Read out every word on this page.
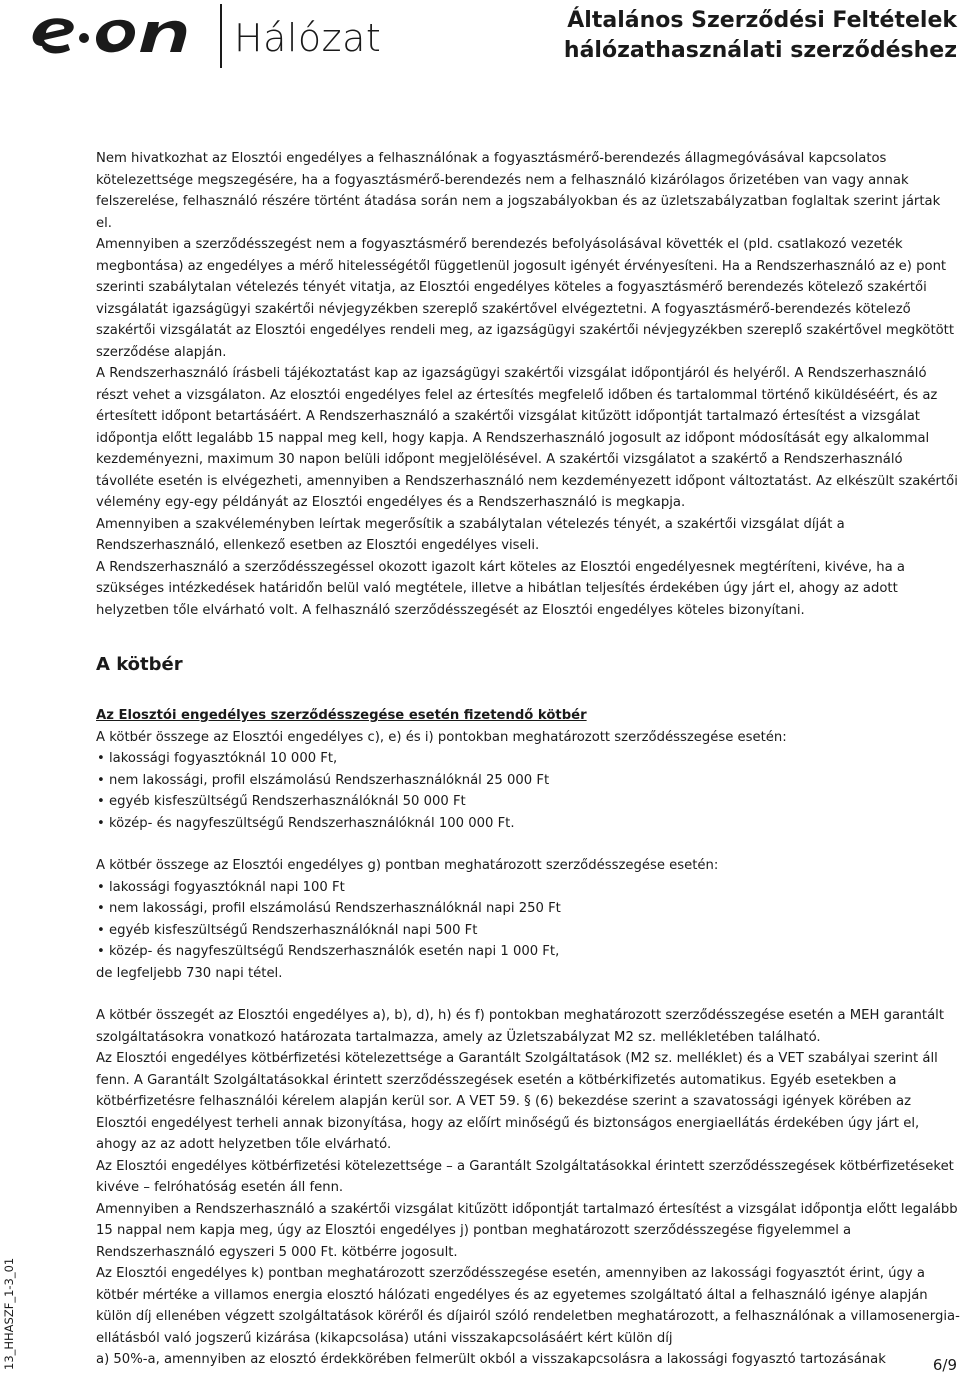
Hálózat	Általános Szerződési Feltételek
hálózathasználati szerződéshez

Nem hivatkozhat az Elosztói engedélyes a felhasználónak a fogyasztásmérő-berendezés állagmegóvásával kapcsolatos kötelezettsége megszegésére, ha a fogyasztásmérő-berendezés nem a felhasználó kizárólagos őrizetében van vagy annak felszerelése, felhasználó részére történt átadása során nem a jogszabályokban és az üzletszabályzatban foglaltak szerint jártak el.

Amennyiben a szerződésszegést nem a fogyasztásmérő berendezés befolyásolásával követték el (pld. csatlakozó vezeték megbontása) az engedélyes a mérő hitelességétől függetlenül jogosult igényét érvényesíteni. Ha a Rendszerhasználó az e) pont szerinti szabálytalan vételezés tényét vitatja, az Elosztói engedélyes köteles a fogyasztásmérő berendezés kötelező szakértői vizsgálatát igazságügyi szakértői névjegyzékben szereplő szakértővel elvégeztetni. A fogyasztásmérő-berendezés kötelező szakértői vizsgálatát az Elosztói engedélyes rendeli meg, az igazságügyi szakértői névjegyzékben szereplő szakértővel megkötött szerződése alapján.

A Rendszerhasználó írásbeli tájékoztatást kap az igazságügyi szakértői vizsgálat időpontjáról és helyéről. A Rendszerhasználó részt vehet a vizsgálaton. Az elosztói engedélyes felel az értesítés megfelelő időben és tartalommal történő kiküldéséért, és az értesített időpont betartásáért. A Rendszerhasználó a szakértői vizsgálat kitűzött időpontját tartalmazó értesítést a vizsgálat időpontja előtt legalább 15 nappal meg kell, hogy kapja. A Rendszerhasználó jogosult az időpont módosítását egy alkalommal kezdeményezni, maximum 30 napon belüli időpont megjelölésével. A szakértői vizsgálatot a szakértő a Rendszerhasználó távolléte esetén is elvégezheti, amennyiben a Rendszerhasználó nem kezdeményezett időpont változtatást. Az elkészült szakértői vélemény egy-egy példányát az Elosztói engedélyes és a Rendszerhasználó is megkapja.

Amennyiben a szakvéleményben leírtak megerősítik a szabálytalan vételezés tényét, a szakértői vizsgálat díját a Rendszerhasználó, ellenkező esetben az Elosztói engedélyes viseli.

A Rendszerhasználó a szerződésszegéssel okozott igazolt kárt köteles az Elosztói engedélyesnek megtéríteni, kivéve, ha a szükséges intézkedések határidőn belül való megtétele, illetve a hibátlan teljesítés érdekében úgy járt el, ahogy az adott helyzetben tőle elvárható volt. A felhasználó szerződésszegését az Elosztói engedélyes köteles bizonyítani.

A kötbér

Az Elosztói engedélyes szerződésszegése esetén fizetendő kötbér

A kötbér összege az Elosztói engedélyes c), e) és i) pontokban meghatározott szerződésszegése esetén:

• lakossági fogyasztóknál 10 000 Ft,
• nem lakossági, profil elszámolású Rendszerhasználóknál 25 000 Ft
• egyéb kisfeszültségű Rendszerhasználóknál 50 000 Ft
• közép- és nagyfeszültségű Rendszerhasználóknál 100 000 Ft.

A kötbér összege az Elosztói engedélyes g) pontban meghatározott szerződésszegése esetén:

• lakossági fogyasztóknál napi 100 Ft
• nem lakossági, profil elszámolású Rendszerhasználóknál napi 250 Ft
• egyéb kisfeszültségű Rendszerhasználóknál napi 500 Ft
• közép- és nagyfeszültségű Rendszerhasználók esetén napi 1 000 Ft,

de legfeljebb 730 napi tétel.

A kötbér összegét az Elosztói engedélyes a), b), d), h) és f) pontokban meghatározott szerződésszegése esetén a MEH garantált szolgáltatásokra vonatkozó határozata tartalmazza, amely az Üzletszabályzat M2 sz. mellékletében található.

Az Elosztói engedélyes kötbérfizetési kötelezettsége a Garantált Szolgáltatások (M2 sz. melléklet) és a VET szabályai szerint áll fenn. A Garantált Szolgáltatásokkal érintett szerződésszegések esetén a kötbérkifizetés automatikus. Egyéb esetekben a kötbérfizetésre felhasználói kérelem alapján kerül sor. A VET 59. § (6) bekezdése szerint a szavatossági igények körében az Elosztói engedélyest terheli annak bizonyítása, hogy az előírt minőségű és biztonságos energiaellátás érdekében úgy járt el, ahogy az az adott helyzetben tőle elvárható.

Az Elosztói engedélyes kötbérfizetési kötelezettsége – a Garantált Szolgáltatásokkal érintett szerződésszegések kötbérfizetéseket kivéve – felróhatóság esetén áll fenn.

Amennyiben a Rendszerhasználó a szakértői vizsgálat kitűzött időpontját tartalmazó értesítést a vizsgálat időpontja előtt legalább 15 nappal nem kapja meg, úgy az Elosztói engedélyes j) pontban meghatározott szerződésszegése figyelemmel a Rendszerhasználó egyszeri 5 000 Ft. kötbérre jogosult.

Az Elosztói engedélyes k) pontban meghatározott szerződésszegése esetén, amennyiben az lakossági fogyasztót érint, úgy a kötbér mértéke a villamos energia elosztó hálózati engedélyes és az egyetemes szolgáltató által a felhasználó igénye alapján külön díj ellenében végzett szolgáltatások köréről és díjairól szóló rendeletben meghatározott, a felhasználónak a villamosenergia-ellátásból való jogszerű kizárása (kikapcsolása) utáni visszakapcsolásáért kért külön díj

a) 50%-a, amennyiben az elosztó érdekkörében felmerült okból a visszakapcsolásra a lakossági fogyasztó tartozásának

13_HHASZF_1-3_01	6/9
